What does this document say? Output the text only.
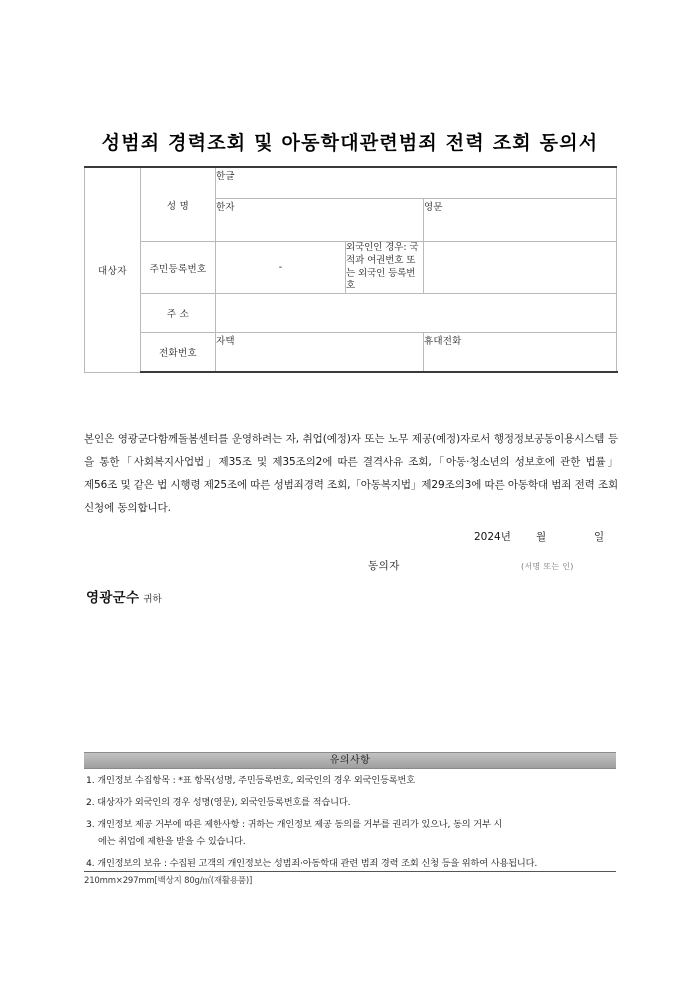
성범죄 경력조회 및 아동학대관련범죄 전력 조회 동의서
대상자	성 명	한글		
		한자		영문
	주민등록번호	-	외국인인 경우: 국적과 여권번호 또는 외국인 등록번호	
	주 소			
	전화번호	자택		휴대전화
본인은 영광군다함께돌봄센터를 운영하려는 자, 취업(예정)자 또는 노무 제공(예정)자로서 행정정보공동이용시스템 등 을 통한「사회복지사업법」제35조 및 제35조의2에 따른 결격사유 조회,「아동·청소년의 성보호에 관한 법률」 제56조 및 같은 법 시행령 제25조에 따른 성범죄경력 조회,「아동복지법」제29조의3에 따른 아동학대 범죄 전력 조회 신청에 동의합니다.
2024년 월	일
동의자	(서명 또는 인)
영광군수 귀하
유의사항
1. 개인정보 수집항목 : *표 항목(성명, 주민등록번호, 외국인의 경우 외국인등록번호
2. 대상자가 외국인의 경우 성명(영문), 외국인등록번호를 적습니다.
3. 개인정보 제공 거부에 따른 제한사항 : 귀하는 개인정보 제공 동의를 거부를 권리가 있으나, 동의 거부 시
에는 취업에 제한을 받을 수 있습니다.
4. 개인정보의 보유 : 수집된 고객의 개인정보는 성범죄·아동학대 관련 범죄 경력 조회 신청 등을 위하여 사용됩니다.
210mm×297mm[백상지 80g/㎡(재활용품)]
